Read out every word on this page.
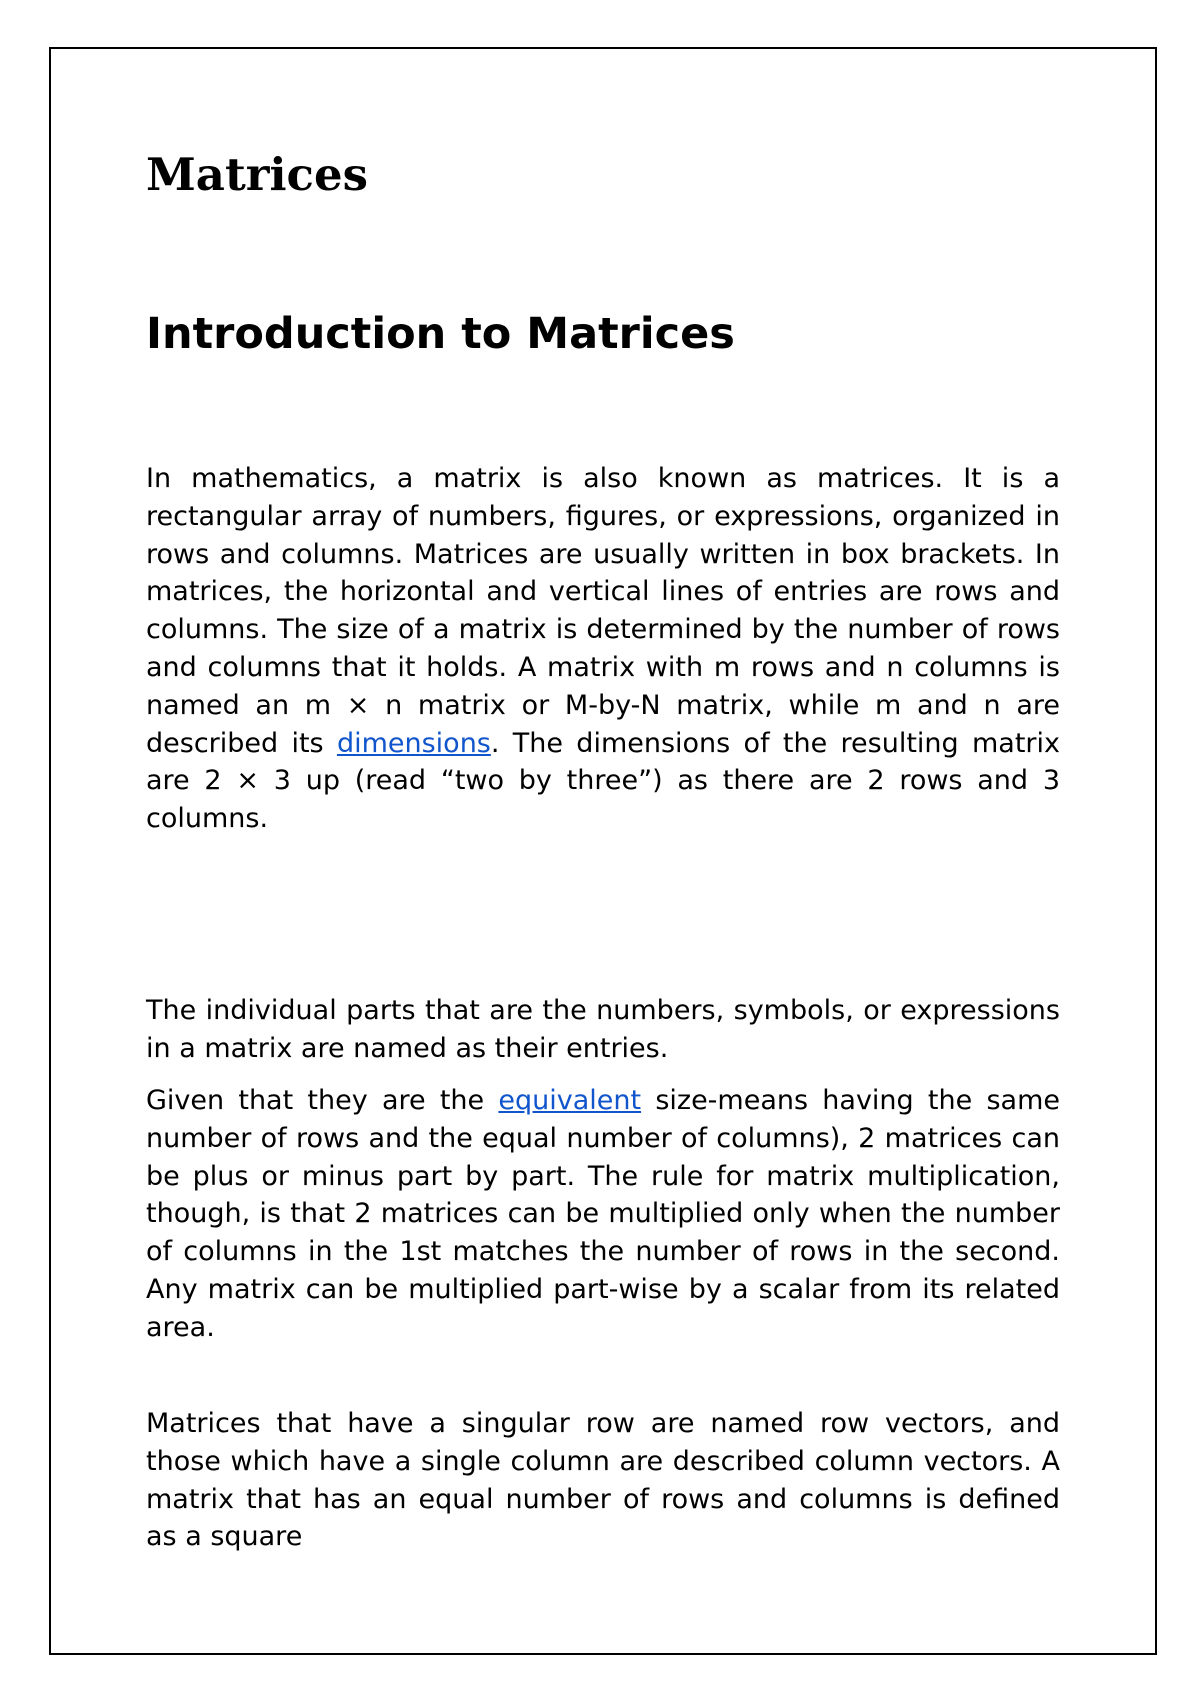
Matrices
Introduction to Matrices

In mathematics, a matrix is also known as matrices. It is a rectangular array of numbers, figures, or expressions, organized in rows and columns. Matrices are usually written in box brackets. In matrices, the horizontal and vertical lines of entries are rows and columns. The size of a matrix is determined by the number of rows and columns that it holds. A matrix with m rows and n columns is named an m × n matrix or M-by-N matrix, while m and n are described its dimensions. The dimensions of the resulting matrix are 2 × 3 up (read “two by three”) as there are 2 rows and 3 columns.

The individual parts that are the numbers, symbols, or expressions in a matrix are named as their entries.

Given that they are the equivalent size-means having the same number of rows and the equal number of columns), 2 matrices can be plus or minus part by part. The rule for matrix multiplication, though, is that 2 matrices can be multiplied only when the number of columns in the 1st matches the number of rows in the second. Any matrix can be multiplied part-wise by a scalar from its related area.

Matrices that have a singular row are named row vectors, and those which have a single column are described column vectors. A matrix that has an equal number of rows and columns is defined as a square
